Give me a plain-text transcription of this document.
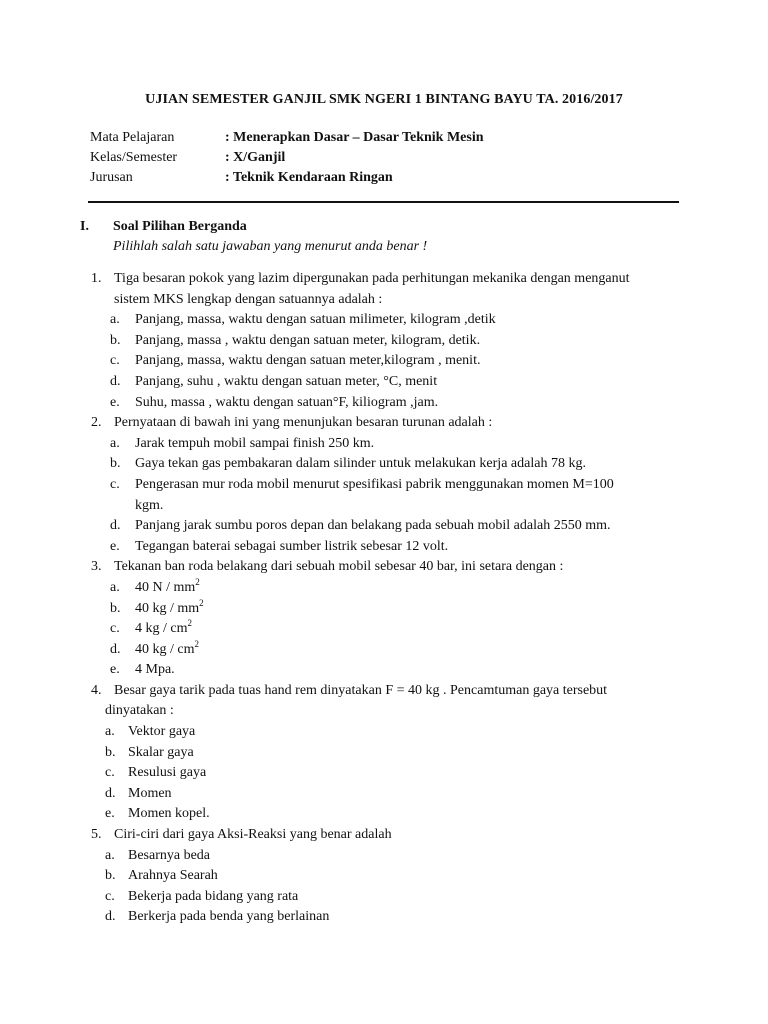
UJIAN SEMESTER GANJIL SMK NGERI 1 BINTANG BAYU TA. 2016/2017
Mata Pelajaran	: Menerapkan Dasar – Dasar Teknik Mesin
Kelas/Semester	: X/Ganjil
Jurusan	: Teknik Kendaraan Ringan
I. Soal Pilihan Berganda
Pilihlah salah satu jawaban yang menurut anda benar !
1. Tiga besaran pokok yang lazim dipergunakan pada perhitungan mekanika dengan menganut
sistem MKS lengkap dengan satuannya adalah :
a. Panjang, massa, waktu dengan satuan milimeter, kilogram ,detik
b. Panjang, massa , waktu dengan satuan meter, kilogram, detik.
c. Panjang, massa, waktu dengan satuan meter,kilogram , menit.
d. Panjang, suhu , waktu dengan satuan meter, °C, menit
e. Suhu, massa , waktu dengan satuan°F, kiliogram ,jam.
2. Pernyataan di bawah ini yang menunjukan besaran turunan adalah :
a. Jarak tempuh mobil sampai finish 250 km.
b. Gaya tekan gas pembakaran dalam silinder untuk melakukan kerja adalah 78 kg.
c. Pengerasan mur roda mobil menurut spesifikasi pabrik menggunakan momen M=100
kgm.
d. Panjang jarak sumbu poros depan dan belakang pada sebuah mobil adalah 2550 mm.
e. Tegangan baterai sebagai sumber listrik sebesar 12 volt.
3. Tekanan ban roda belakang dari sebuah mobil sebesar 40 bar, ini setara dengan :
a. 40 N / $mm^2$
b. 40 kg / $mm^2$
c. 4 kg / $cm^2$
d. 40 kg / $cm^2$
e. 4 Mpa.
4. Besar gaya tarik pada tuas hand rem dinyatakan F = 40 kg . Pencamtuman gaya tersebut
dinyatakan :
a. Vektor gaya
b. Skalar gaya
c. Resulusi gaya
d. Momen
e. Momen kopel.
5. Ciri-ciri dari gaya Aksi-Reaksi yang benar adalah
a. Besarnya beda
b. Arahnya Searah
c. Bekerja pada bidang yang rata
d. Berkerja pada benda yang berlainan
